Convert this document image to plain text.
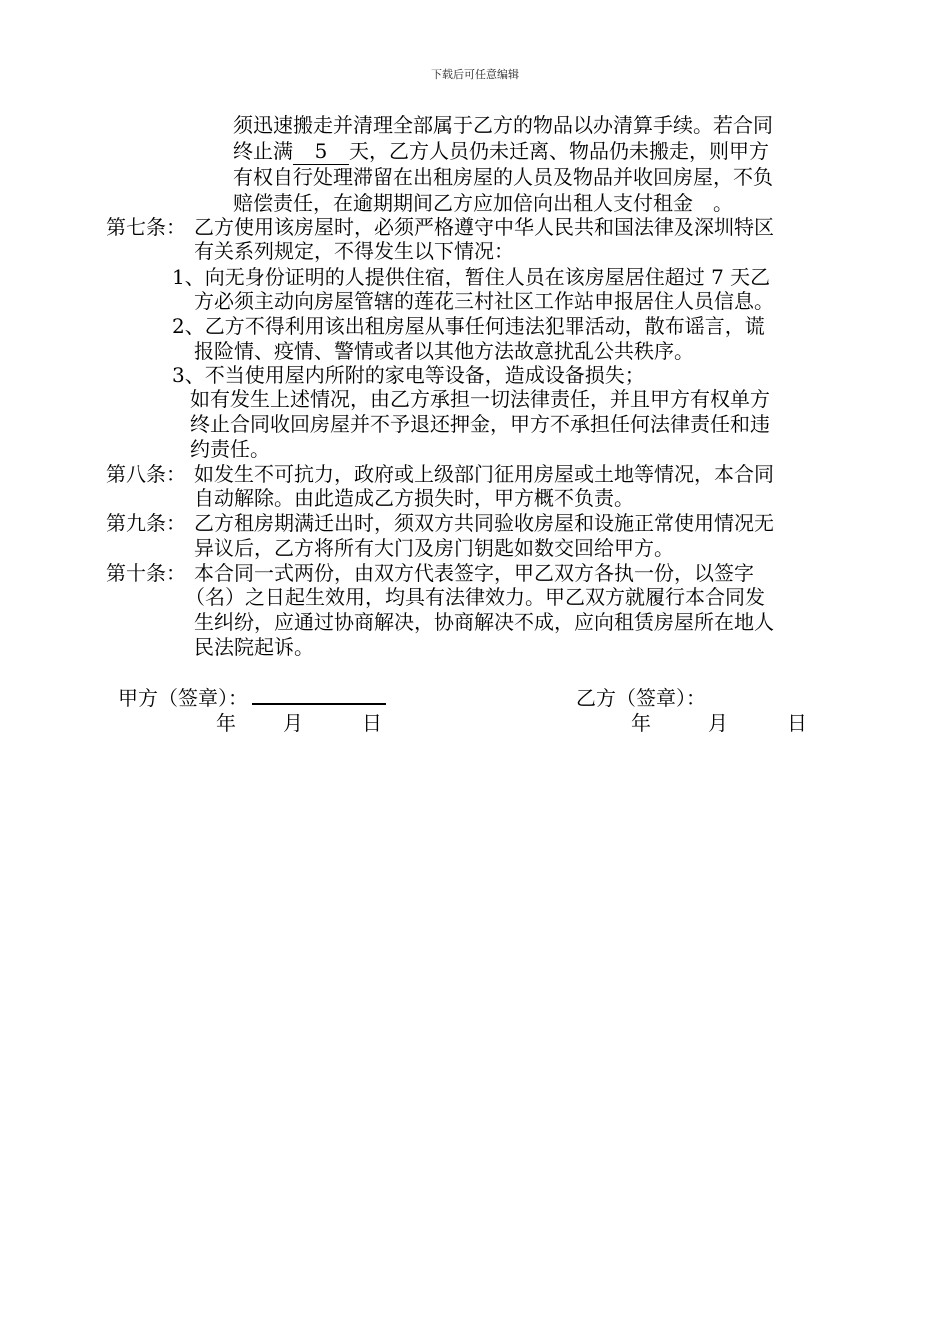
下载后可任意编辑
须迅速搬走并清理全部属于乙方的物品以办清算手续。若合同
终止满 5 天，乙方人员仍未迁离、物品仍未搬走，则甲方
有权自行处理滞留在出租房屋的人员及物品并收回房屋，不负
赔偿责任，在逾期期间乙方应加倍向出租人支付租金　。
第七条： 乙方使用该房屋时，必须严格遵守中华人民共和国法律及深圳特区
有关系列规定，不得发生以下情况：
1、向无身份证明的人提供住宿，暂住人员在该房屋居住超过 7 天乙
方必须主动向房屋管辖的莲花三村社区工作站申报居住人员信息。
2、乙方不得利用该出租房屋从事任何违法犯罪活动，散布谣言，谎
报险情、疫情、警情或者以其他方法故意扰乱公共秩序。
3、不当使用屋内所附的家电等设备，造成设备损失；
如有发生上述情况，由乙方承担一切法律责任，并且甲方有权单方
终止合同收回房屋并不予退还押金，甲方不承担任何法律责任和违
约责任。
第八条： 如发生不可抗力，政府或上级部门征用房屋或土地等情况，本合同
自动解除。由此造成乙方损失时，甲方概不负责。
第九条： 乙方租房期满迁出时，须双方共同验收房屋和设施正常使用情况无
异议后，乙方将所有大门及房门钥匙如数交回给甲方。
第十条： 本合同一式两份，由双方代表签字，甲乙双方各执一份，以签字
（名）之日起生效用，均具有法律效力。甲乙双方就履行本合同发
生纠纷，应通过协商解决，协商解决不成，应向租赁房屋所在地人
民法院起诉。
甲方（签章）：	乙方（签章）：
年 月	日	年	月	日
